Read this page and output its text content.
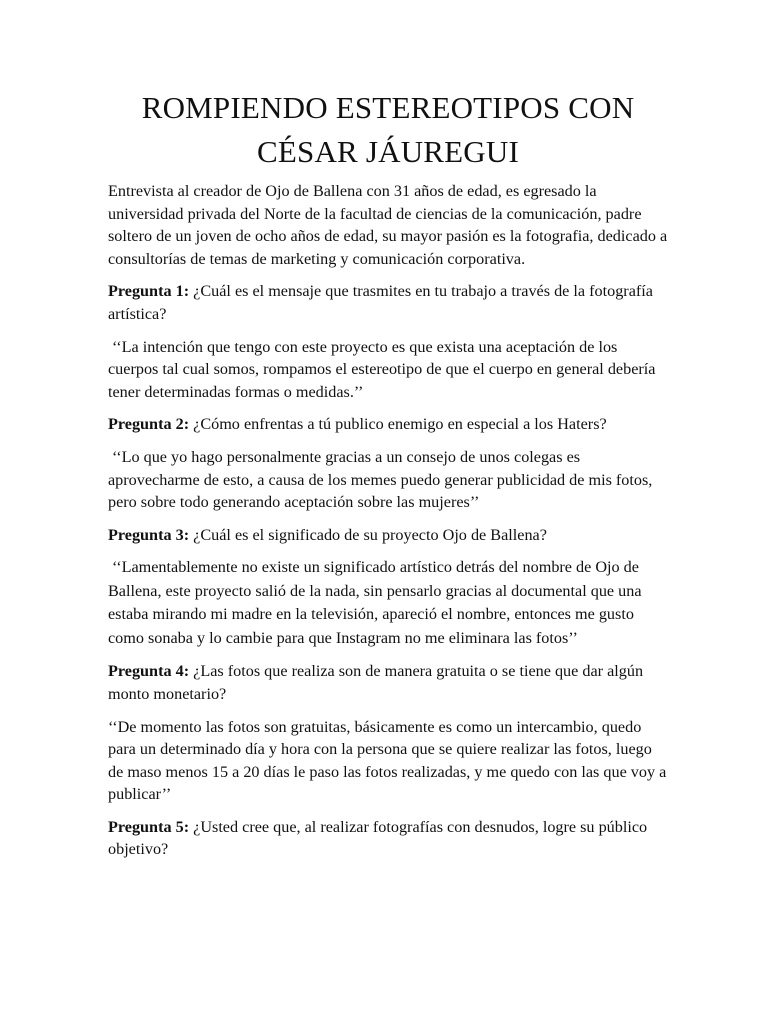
ROMPIENDO ESTEREOTIPOS CON
CÉSAR JÁUREGUI

Entrevista al creador de Ojo de Ballena con 31 años de edad, es egresado la universidad privada del Norte de la facultad de ciencias de la comunicación, padre soltero de un joven de ocho años de edad, su mayor pasión es la fotografia, dedicado a consultorías de temas de marketing y comunicación corporativa.

Pregunta 1: ¿Cuál es el mensaje que trasmites en tu trabajo a través de la fotografía artística?

‘‘La intención que tengo con este proyecto es que exista una aceptación de los cuerpos tal cual somos, rompamos el estereotipo de que el cuerpo en general debería tener determinadas formas o medidas.’’

Pregunta 2: ¿Cómo enfrentas a tú publico enemigo en especial a los Haters?

‘‘Lo que yo hago personalmente gracias a un consejo de unos colegas es aprovecharme de esto, a causa de los memes puedo generar publicidad de mis fotos, pero sobre todo generando aceptación sobre las mujeres’’

Pregunta 3: ¿Cuál es el significado de su proyecto Ojo de Ballena?

‘‘Lamentablemente no existe un significado artístico detrás del nombre de Ojo de Ballena, este proyecto salió de la nada, sin pensarlo gracias al documental que una estaba mirando mi madre en la televisión, apareció el nombre, entonces me gusto como sonaba y lo cambie para que Instagram no me eliminara las fotos’’

Pregunta 4: ¿Las fotos que realiza son de manera gratuita o se tiene que dar algún monto monetario?

‘‘De momento las fotos son gratuitas, básicamente es como un intercambio, quedo para un determinado día y hora con la persona que se quiere realizar las fotos, luego de maso menos 15 a 20 días le paso las fotos realizadas, y me quedo con las que voy a publicar’’

Pregunta 5: ¿Usted cree que, al realizar fotografías con desnudos, logre su público objetivo?
